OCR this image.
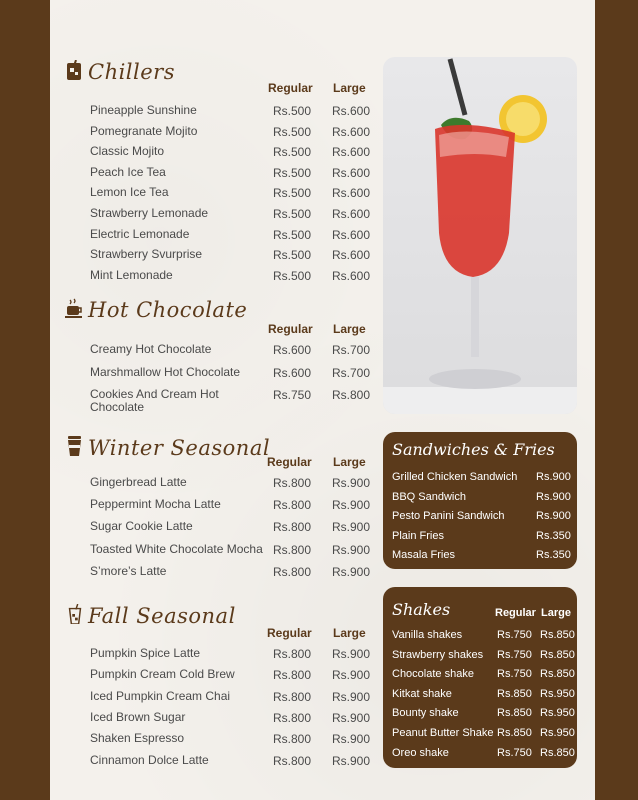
Chillers
Regular Large
Pineapple Sunshine	Rs.500 Rs.600
Pomegranate Mojito	Rs.500 Rs.600
Classic Mojito	Rs.500 Rs.600
Peach Ice Tea	Rs.500 Rs.600
Lemon Ice Tea	Rs.500 Rs.600
Strawberry Lemonade	Rs.500 Rs.600
Electric Lemonade	Rs.500 Rs.600
Strawberry Svurprise	Rs.500 Rs.600
Mint Lemonade	Rs.500 Rs.600
Hot Chocolate
Regular Large
Creamy Hot Chocolate	Rs.600 Rs.700
Marshmallow Hot Chocolate	Rs.600 Rs.700
Cookies And Cream Hot Chocolate
Rs.750 Rs.800
Winter Seasonal
Regular Large
Gingerbread Latte	Rs.800 Rs.900
Peppermint Mocha Latte	Rs.800 Rs.900
Sugar Cookie Latte	Rs.800 Rs.900
Toasted White Chocolate Mocha Rs.800 Rs.900
S’more’s Latte	Rs.800 Rs.900
Fall Seasonal
Regular Large
Pumpkin Spice Latte	Rs.800 Rs.900
Pumpkin Cream Cold Brew	Rs.800 Rs.900
Iced Pumpkin Cream Chai	Rs.800 Rs.900
Iced Brown Sugar	Rs.800 Rs.900
Shaken Espresso	Rs.800 Rs.900
Cinnamon Dolce Latte	Rs.800 Rs.900
Sandwiches & Fries
Grilled Chicken Sandwich Rs.900
BBQ Sandwich	Rs.900
Pesto Panini Sandwich	Rs.900
Plain Fries	Rs.350
Masala Fries	Rs.350
Shakes	Regular Large
Vanilla shakes	Rs.750 Rs.850
Strawberry shakes Rs.750 Rs.850
Chocolate shake Rs.750 Rs.850
Kitkat shake	Rs.850 Rs.950
Bounty shake	Rs.850 Rs.950
Peanut Butter Shake Rs.850 Rs.950
Oreo shake	Rs.750 Rs.850
